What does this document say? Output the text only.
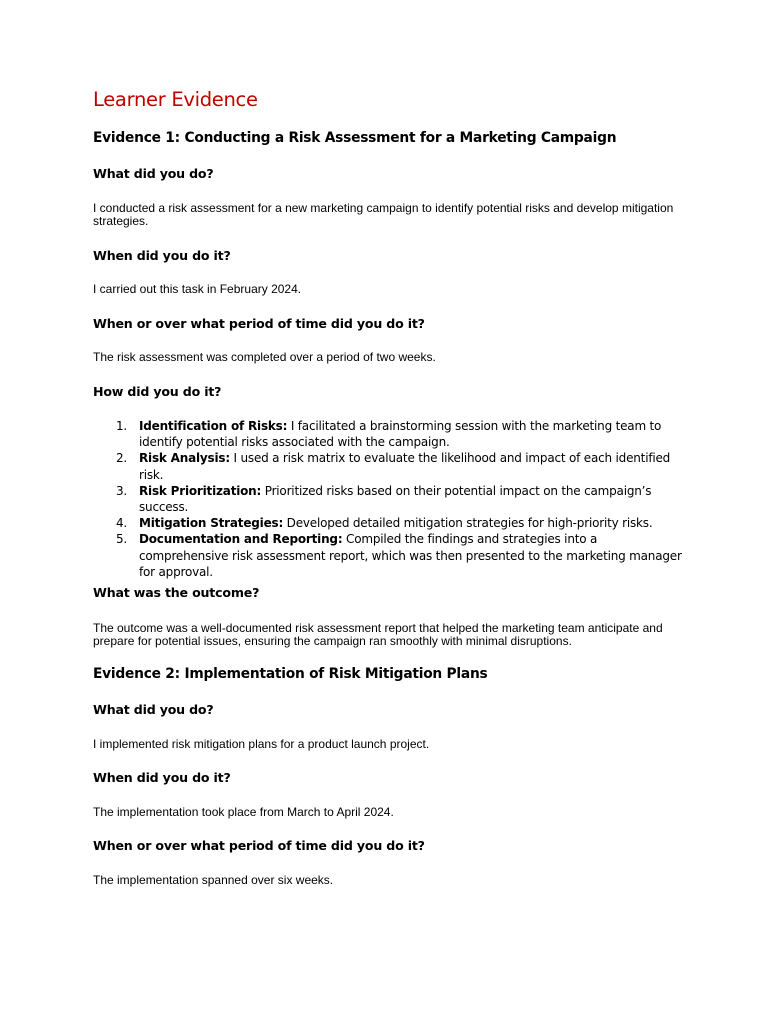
Learner Evidence
Evidence 1: Conducting a Risk Assessment for a Marketing Campaign
What did you do?
I conducted a risk assessment for a new marketing campaign to identify potential risks and develop mitigation strategies.
When did you do it?
I carried out this task in February 2024.
When or over what period of time did you do it?
The risk assessment was completed over a period of two weeks.
How did you do it?
1. Identification of Risks: I facilitated a brainstorming session with the marketing team to identify potential risks associated with the campaign.
2. Risk Analysis: I used a risk matrix to evaluate the likelihood and impact of each identified risk.
3. Risk Prioritization: Prioritized risks based on their potential impact on the campaign’s success.
4. Mitigation Strategies: Developed detailed mitigation strategies for high-priority risks.
5. Documentation and Reporting: Compiled the findings and strategies into a comprehensive risk assessment report, which was then presented to the marketing manager for approval.
What was the outcome?
The outcome was a well-documented risk assessment report that helped the marketing team anticipate and prepare for potential issues, ensuring the campaign ran smoothly with minimal disruptions.
Evidence 2: Implementation of Risk Mitigation Plans
What did you do?
I implemented risk mitigation plans for a product launch project.
When did you do it?
The implementation took place from March to April 2024.
When or over what period of time did you do it?
The implementation spanned over six weeks.
